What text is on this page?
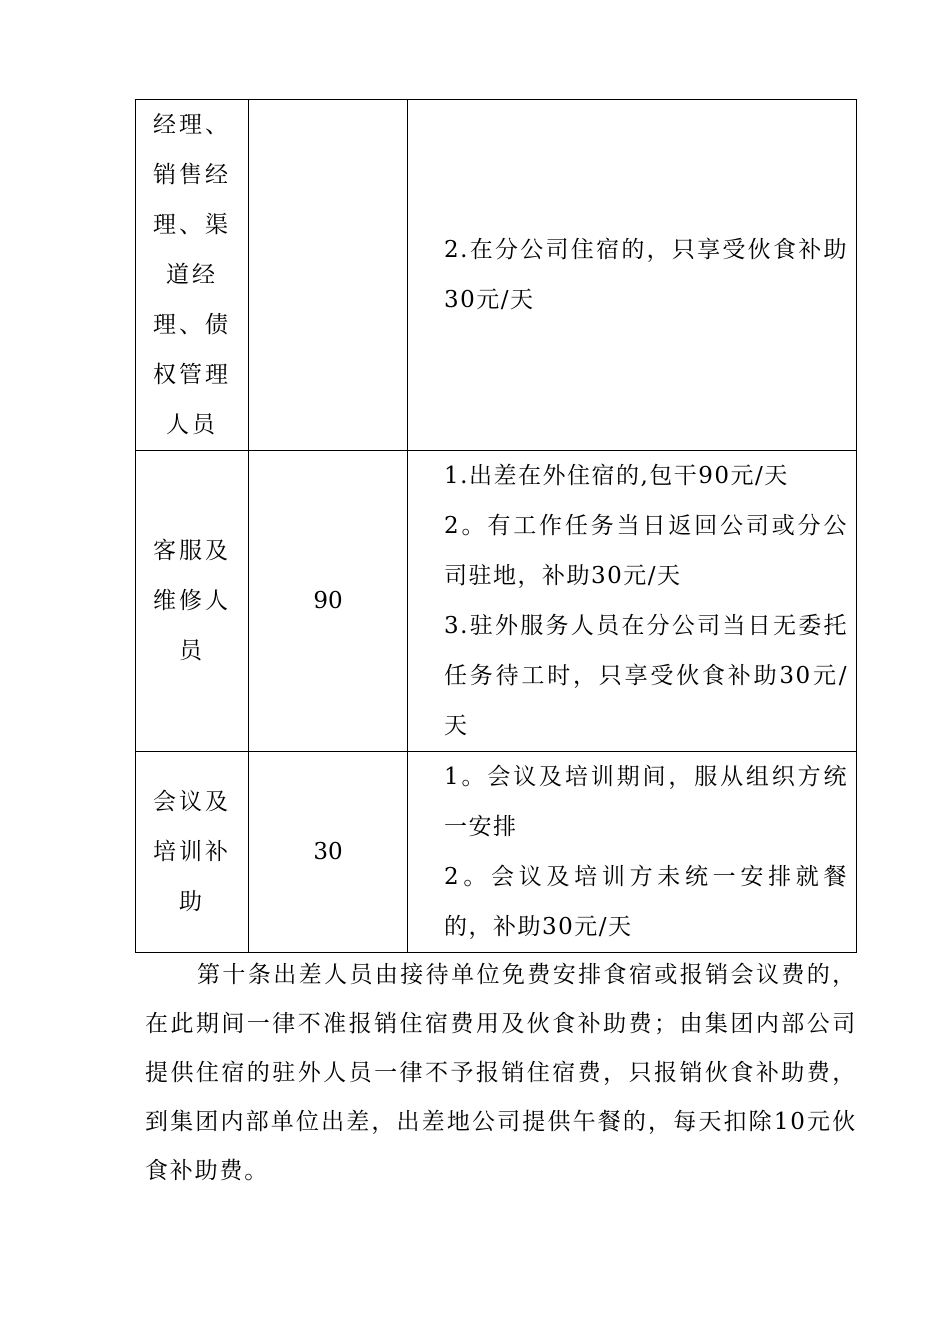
经理、销售经理、渠道经理、债权管理人员		2.在分公司住宿的，只享受伙食补助30元/天

客服及维修人员	90	1.出差在外住宿的,包干90元/天
2。有工作任务当日返回公司或分公司驻地，补助30元/天
3.驻外服务人员在分公司当日无委托任务待工时，只享受伙食补助30元/天

会议及培训补助	30	1。会议及培训期间，服从组织方统一安排
2。会议及培训方未统一安排就餐的，补助30元/天

第十条出差人员由接待单位免费安排食宿或报销会议费的，在此期间一律不准报销住宿费用及伙食补助费；由集团内部公司提供住宿的驻外人员一律不予报销住宿费，只报销伙食补助费，到集团内部单位出差，出差地公司提供午餐的，每天扣除10元伙食补助费。
